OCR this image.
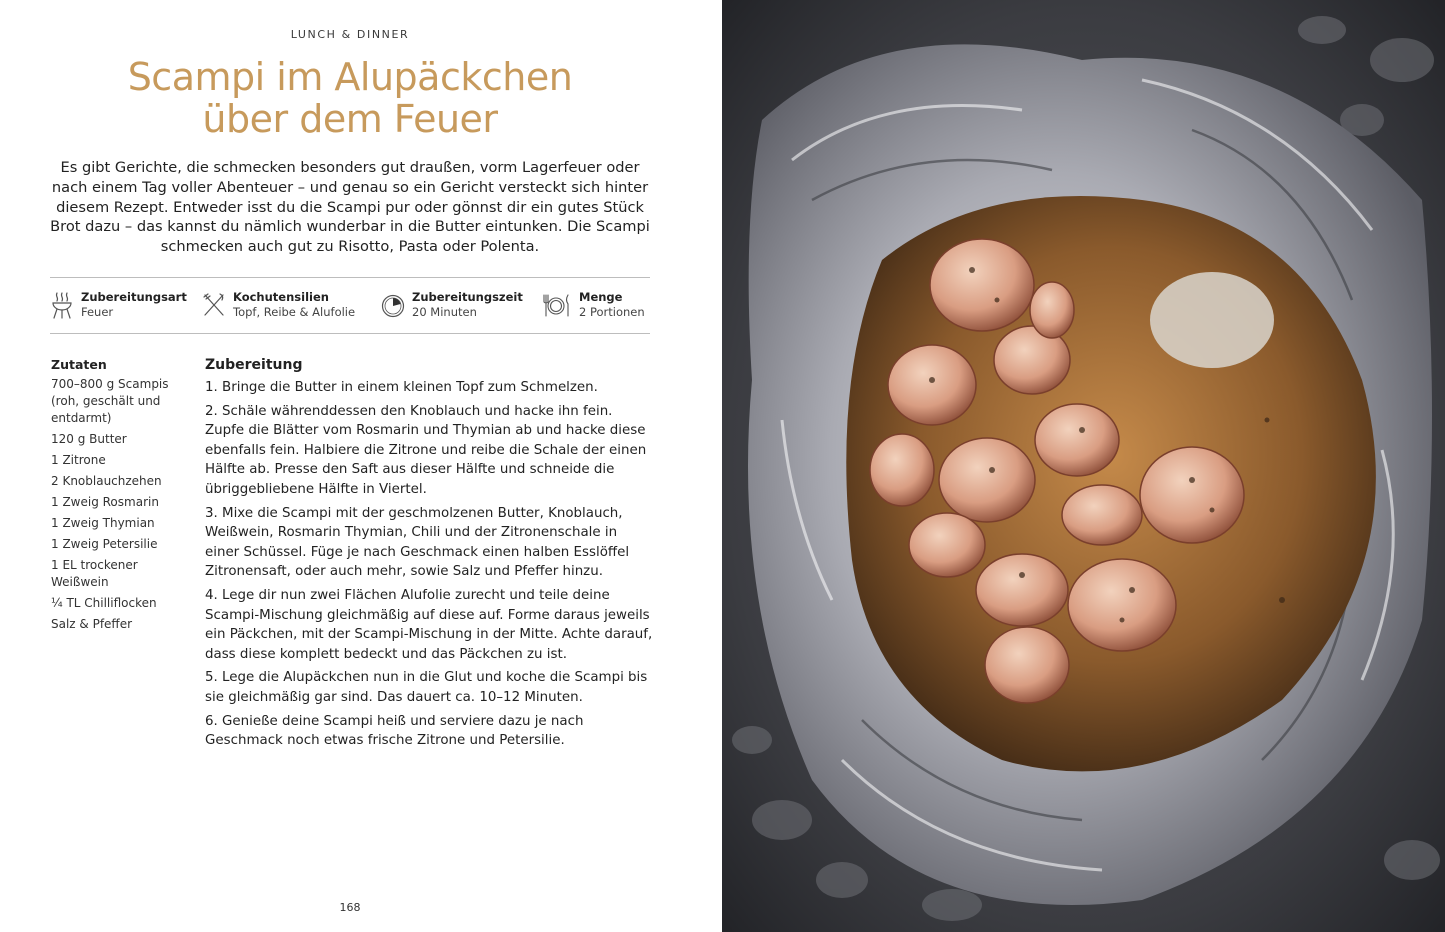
LUNCH & DINNER
Scampi im Alupäckchen
über dem Feuer

Es gibt Gerichte, die schmecken besonders gut draußen, vorm Lagerfeuer oder nach einem Tag voller Abenteuer – und genau so ein Gericht versteckt sich hinter diesem Rezept. Entweder isst du die Scampi pur oder gönnst dir ein gutes Stück Brot dazu – das kannst du nämlich wunderbar in die Butter eintunken. Die Scampi schmecken auch gut zu Risotto, Pasta oder Polenta.

Zubereitungsart
Feuer
Kochutensilien
Topf, Reibe & Alufolie
Zubereitungszeit
20 Minuten
Menge
2 Portionen
Zutaten
700–800 g Scampis (roh, geschält und entdarmt)
120 g Butter
1 Zitrone
2 Knoblauchzehen
1 Zweig Rosmarin
1 Zweig Thymian
1 Zweig Petersilie
1 EL trockener Weißwein
¼ TL Chilliflocken
Salz & Pfeffer
Zubereitung

1. Bringe die Butter in einem kleinen Topf zum Schmelzen.

2. Schäle währenddessen den Knoblauch und hacke ihn fein. Zupfe die Blätter vom Rosmarin und Thymian ab und hacke diese ebenfalls fein. Halbiere die Zitrone und reibe die Schale der einen Hälfte ab. Presse den Saft aus dieser Hälfte und schneide die übriggebliebene Hälfte in Viertel.

3. Mixe die Scampi mit der geschmolzenen Butter, Knoblauch, Weißwein, Rosmarin Thymian, Chili und der Zitronenschale in einer Schüssel. Füge je nach Geschmack einen halben Esslöffel Zitronensaft, oder auch mehr, sowie Salz und Pfeffer hinzu.

4. Lege dir nun zwei Flächen Alufolie zurecht und teile deine Scampi-Mischung gleichmäßig auf diese auf. Forme daraus jeweils ein Päckchen, mit der Scampi-Mischung in der Mitte. Achte darauf, dass diese komplett bedeckt und das Päckchen zu ist.

5. Lege die Alupäckchen nun in die Glut und koche die Scampi bis sie gleichmäßig gar sind. Das dauert ca. 10–12 Minuten.

6. Genieße deine Scampi heiß und serviere dazu je nach Geschmack noch etwas frische Zitrone und Petersilie.

168
